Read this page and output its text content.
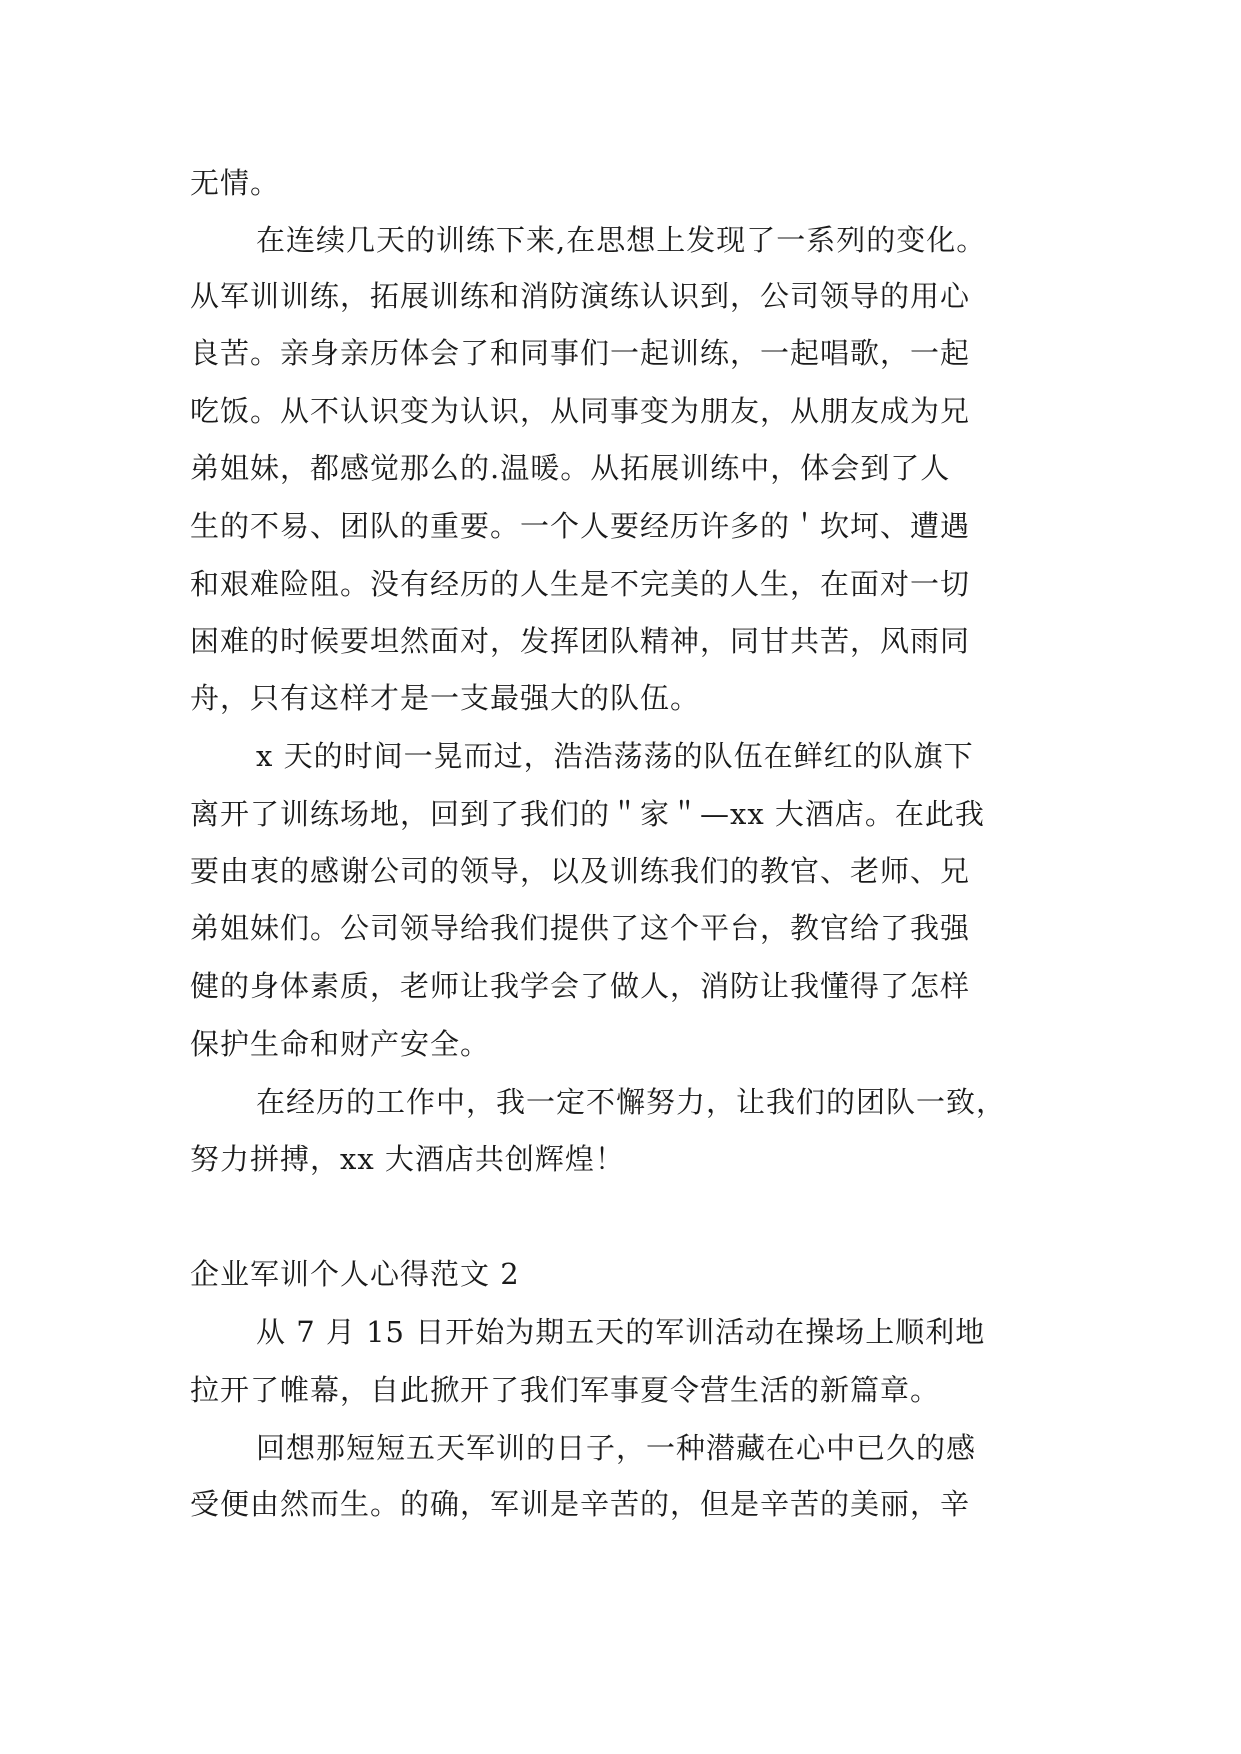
无情。
在连续几天的训练下来,在思想上发现了一系列的变化。
从军训训练，拓展训练和消防演练认识到，公司领导的用心
良苦。亲身亲历体会了和同事们一起训练，一起唱歌，一起
吃饭。从不认识变为认识，从同事变为朋友，从朋友成为兄
弟姐妹，都感觉那么的.温暖。从拓展训练中，体会到了人
生的不易、团队的重要。一个人要经历许多的＇坎坷、遭遇
和艰难险阻。没有经历的人生是不完美的人生，在面对一切
困难的时候要坦然面对，发挥团队精神，同甘共苦，风雨同
舟，只有这样才是一支最强大的队伍。
x 天的时间一晃而过，浩浩荡荡的队伍在鲜红的队旗下
离开了训练场地，回到了我们的＂家＂—xx 大酒店。在此我
要由衷的感谢公司的领导，以及训练我们的教官、老师、兄
弟姐妹们。公司领导给我们提供了这个平台，教官给了我强
健的身体素质，老师让我学会了做人，消防让我懂得了怎样
保护生命和财产安全。
在经历的工作中，我一定不懈努力，让我们的团队一致，
努力拼搏，xx 大酒店共创辉煌！
企业军训个人心得范文 2
从 7 月 15 日开始为期五天的军训活动在操场上顺利地
拉开了帷幕，自此掀开了我们军事夏令营生活的新篇章。
回想那短短五天军训的日子，一种潜藏在心中已久的感
受便由然而生。的确，军训是辛苦的，但是辛苦的美丽，辛
